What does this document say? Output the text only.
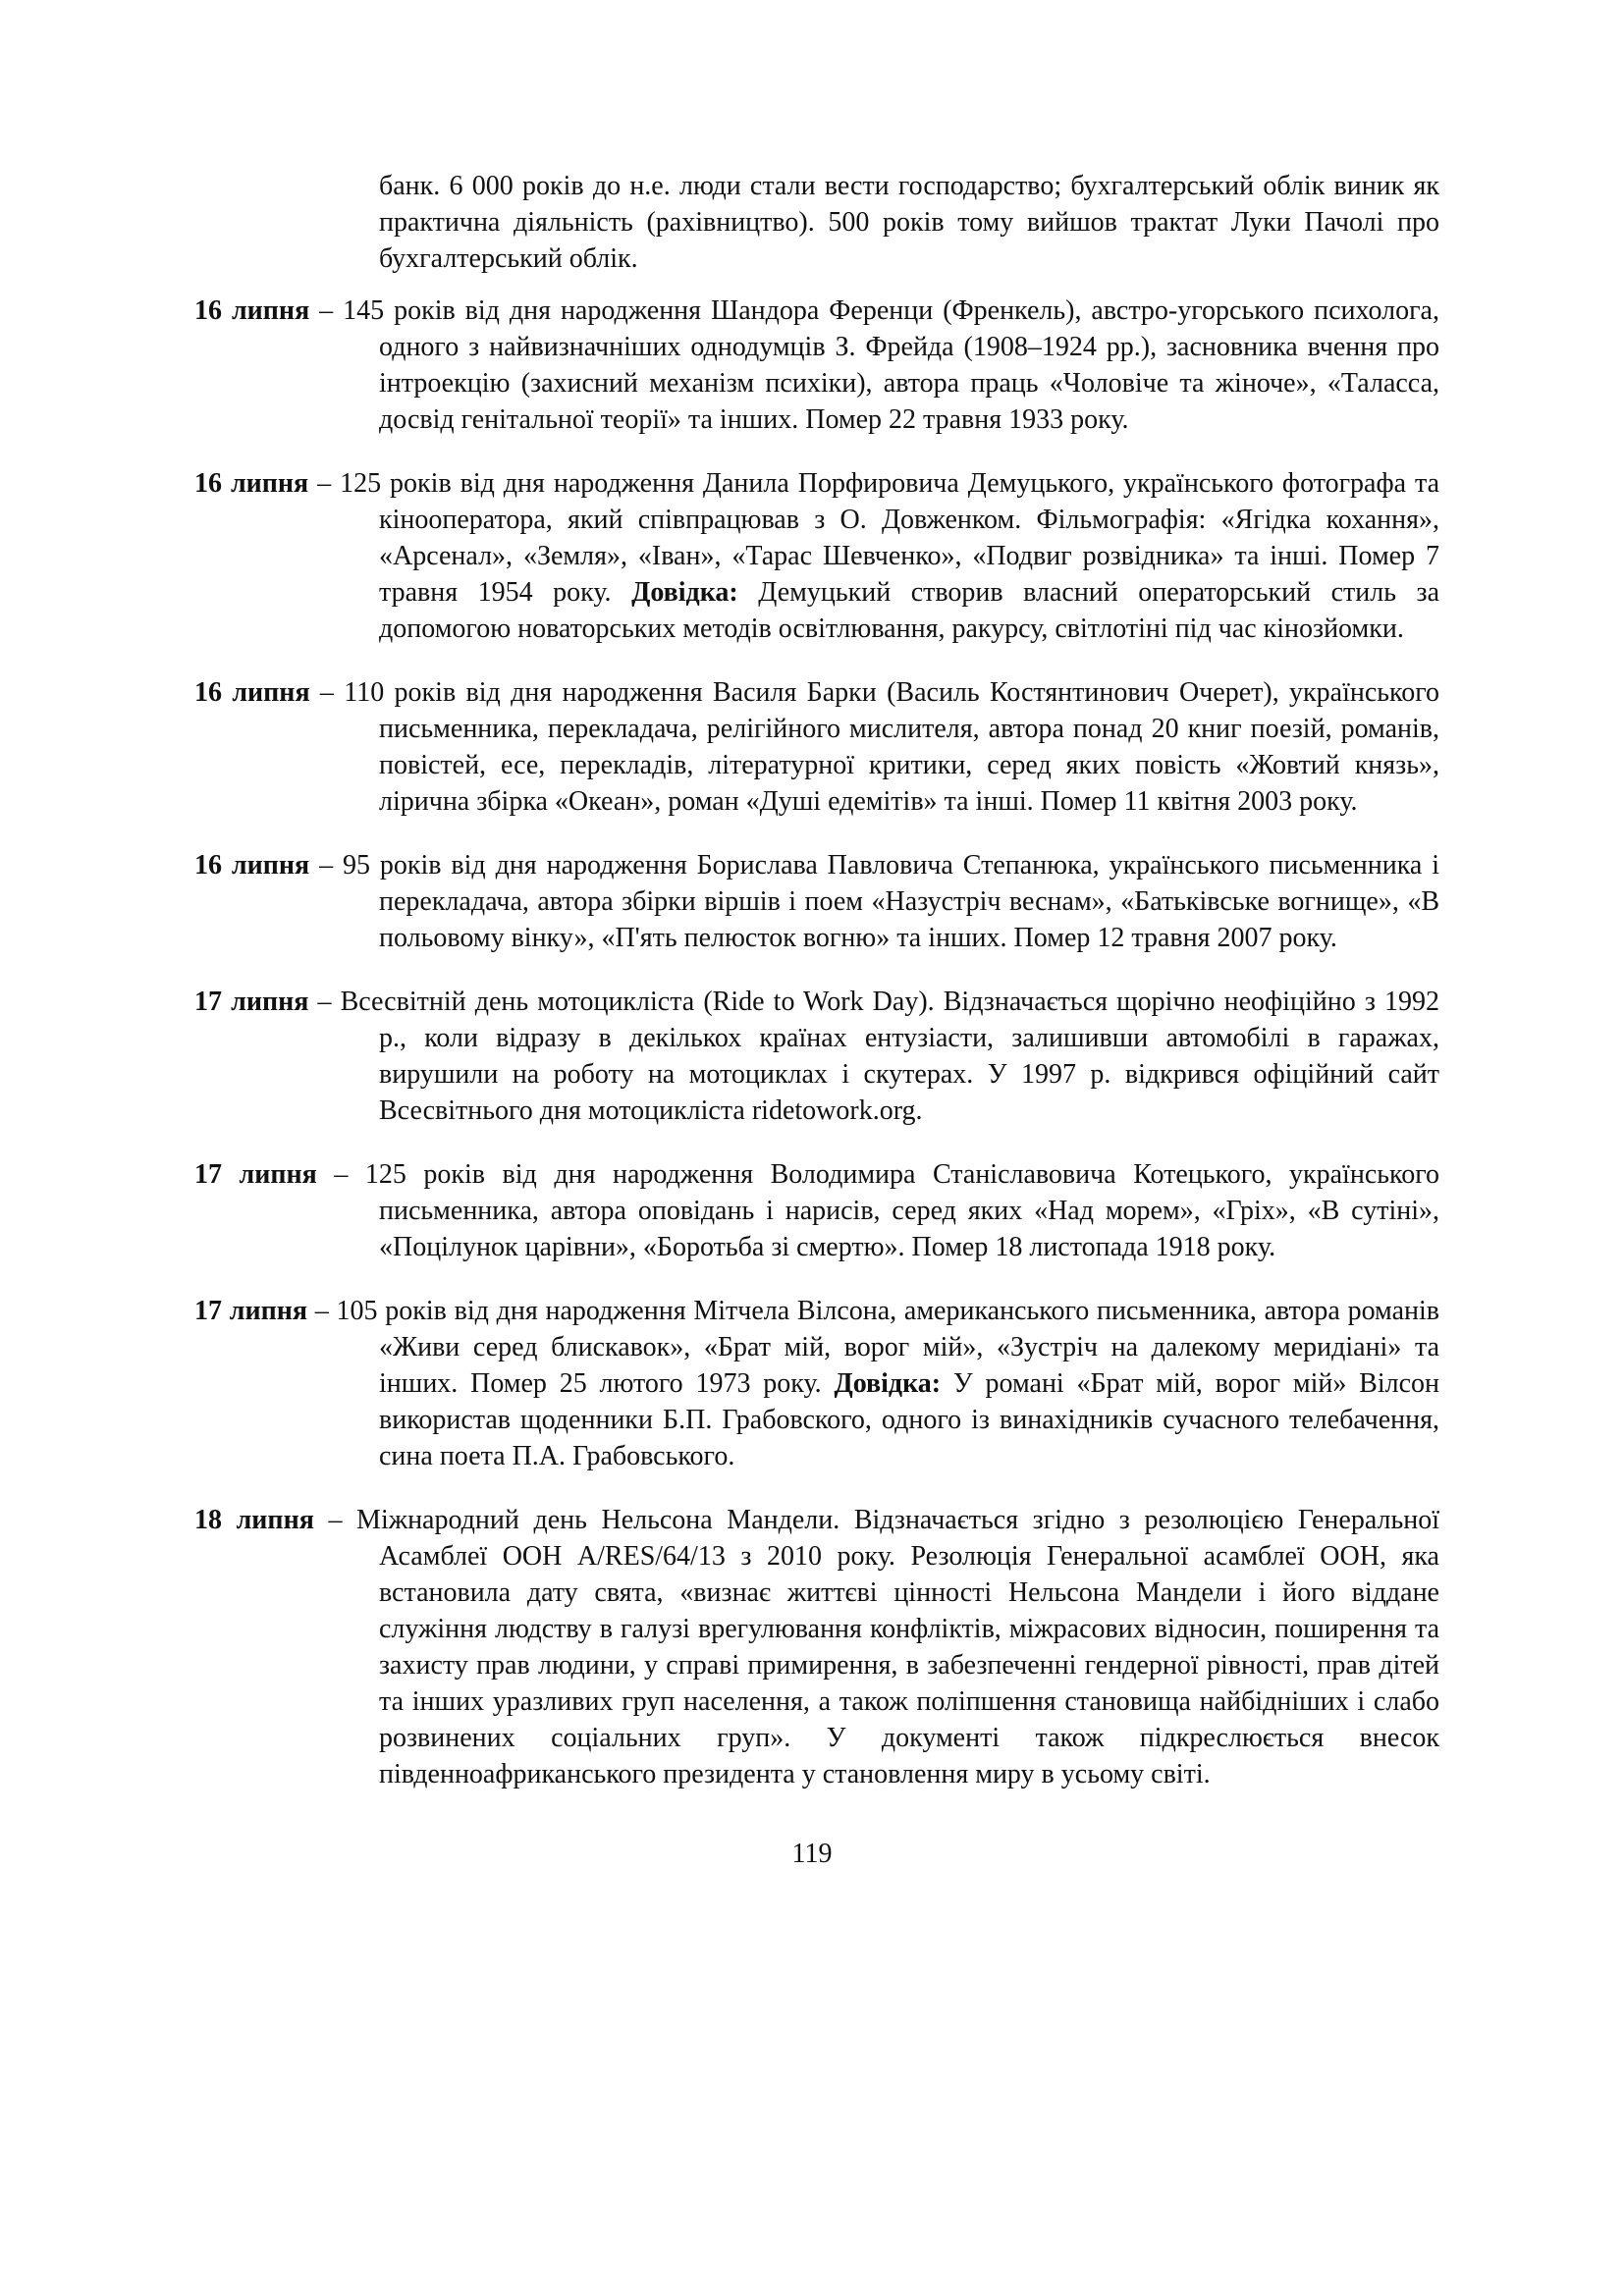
банк. 6 000 років до н.е. люди стали вести господарство; бухгалтерський облік виник як практична діяльність (рахівництво). 500 років тому вийшов трактат Луки Пачолі про бухгалтерський облік.

16 липня – 145 років від дня народження Шандора Ференци (Френкель), австро-угорського психолога, одного з найвизначніших однодумців З. Фрейда (1908–1924 рр.), засновника вчення про інтроекцію (захисний механізм психіки), автора праць «Чоловіче та жіноче», «Таласса, досвід генітальної теорії» та інших. Помер 22 травня 1933 року.

16 липня – 125 років від дня народження Данила Порфировича Демуцького, українського фотографа та кінооператора, який співпрацював з О. Довженком. Фільмографія: «Ягідка кохання», «Арсенал», «Земля», «Іван», «Тарас Шевченко», «Подвиг розвідника» та інші. Помер 7 травня 1954 року. Довідка: Демуцький створив власний операторський стиль за допомогою новаторських методів освітлювання, ракурсу, світлотіні під час кінозйомки.

16 липня – 110 років від дня народження Василя Барки (Василь Костянтинович Очерет), українського письменника, перекладача, релігійного мислителя, автора понад 20 книг поезій, романів, повістей, есе, перекладів, літературної критики, серед яких повість «Жовтий князь», лірична збірка «Океан», роман «Душі едемітів» та інші. Помер 11 квітня 2003 року.

16 липня – 95 років від дня народження Борислава Павловича Степанюка, українського письменника і перекладача, автора збірки віршів і поем «Назустріч веснам», «Батьківське вогнище», «В польовому вінку», «П'ять пелюсток вогню» та інших. Помер 12 травня 2007 року.

17 липня – Всесвітній день мотоцикліста (Ride to Work Day). Відзначається щорічно неофіційно з 1992 р., коли відразу в декількох країнах ентузіасти, залишивши автомобілі в гаражах, вирушили на роботу на мотоциклах і скутерах. У 1997 р. відкрився офіційний сайт Всесвітнього дня мотоцикліста ridetowork.org.

17 липня – 125 років від дня народження Володимира Станіславовича Котецького, українського письменника, автора оповідань і нарисів, серед яких «Над морем», «Гріх», «В сутіні», «Поцілунок царівни», «Боротьба зі смертю». Помер 18 листопада 1918 року.

17 липня – 105 років від дня народження Мітчела Вілсона, американського письменника, автора романів «Живи серед блискавок», «Брат мій, ворог мій», «Зустріч на далекому меридіані» та інших. Помер 25 лютого 1973 року. Довідка: У романі «Брат мій, ворог мій» Вілсон використав щоденники Б.П. Грабовского, одного із винахідників сучасного телебачення, сина поета П.А. Грабовського.

18 липня – Міжнародний день Нельсона Мандели. Відзначається згідно з резолюцією Генеральної Асамблеї ООН A/RES/64/13 з 2010 року. Резолюція Генеральної асамблеї ООН, яка встановила дату свята, «визнає життєві цінності Нельсона Мандели і його віддане служіння людству в галузі врегулювання конфліктів, міжрасових відносин, поширення та захисту прав людини, у справі примирення, в забезпеченні гендерної рівності, прав дітей та інших уразливих груп населення, а також поліпшення становища найбідніших і слабо розвинених соціальних груп». У документі також підкреслюється внесок південноафриканського президента у становлення миру в усьому світі.

119
